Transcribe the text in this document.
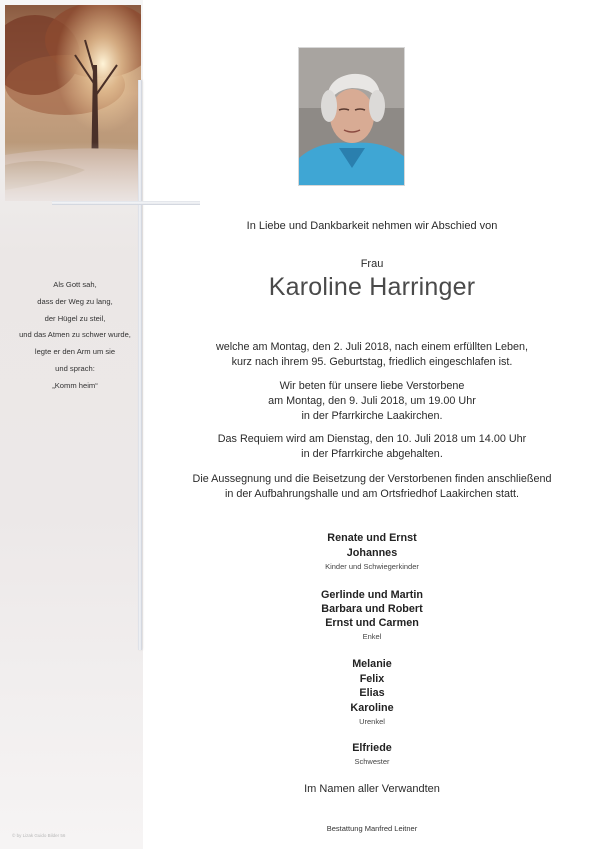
Als Gott sah,
dass der Weg zu lang,
der Hügel zu steil,
und das Atmen zu schwer wurde,
legte er den Arm um sie
und sprach:
„Komm heim“
© by Lizak Guido Bilder 56
In Liebe und Dankbarkeit nehmen wir Abschied von
Frau
Karoline Harringer
welche am Montag, den 2. Juli 2018, nach einem erfüllten Leben,
kurz nach ihrem 95. Geburtstag, friedlich eingeschlafen ist.
Wir beten für unsere liebe Verstorbene
am Montag, den 9. Juli 2018, um 19.00 Uhr
in der Pfarrkirche Laakirchen.
Das Requiem wird am Dienstag, den 10. Juli 2018 um 14.00 Uhr
in der Pfarrkirche abgehalten.
Die Aussegnung und die Beisetzung der Verstorbenen finden anschließend
in der Aufbahrungshalle und am Ortsfriedhof Laakirchen statt.
Renate und Ernst
Johannes
Kinder und Schwiegerkinder
Gerlinde und Martin
Barbara und Robert
Ernst und Carmen
Enkel
Melanie
Felix
Elias
Karoline
Urenkel
Elfriede
Schwester
Im Namen aller Verwandten
Bestattung Manfred Leitner
